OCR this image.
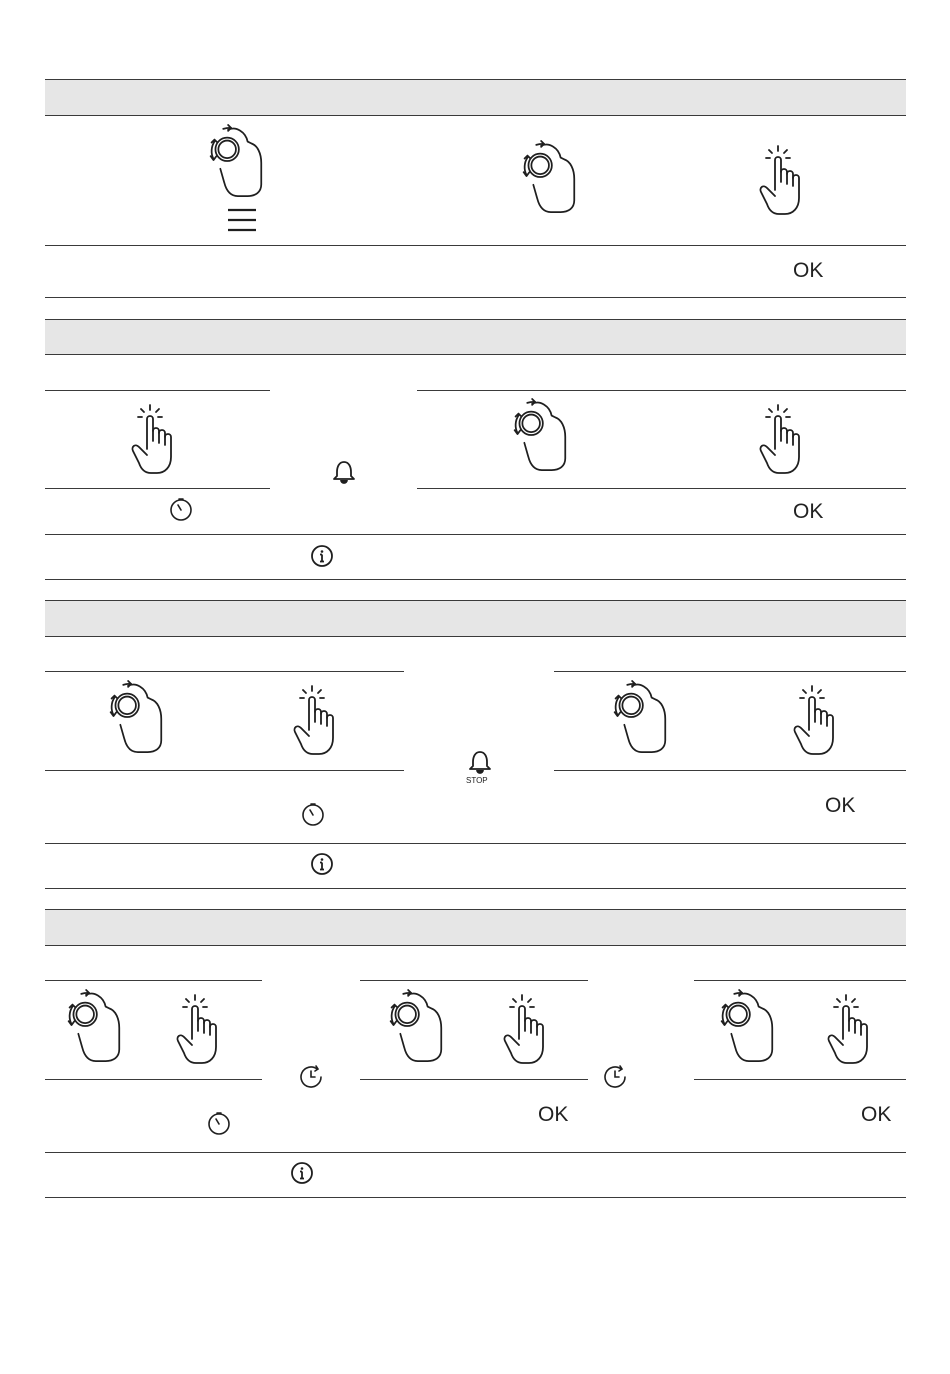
OK
OK
STOP
OK
OK	OK
